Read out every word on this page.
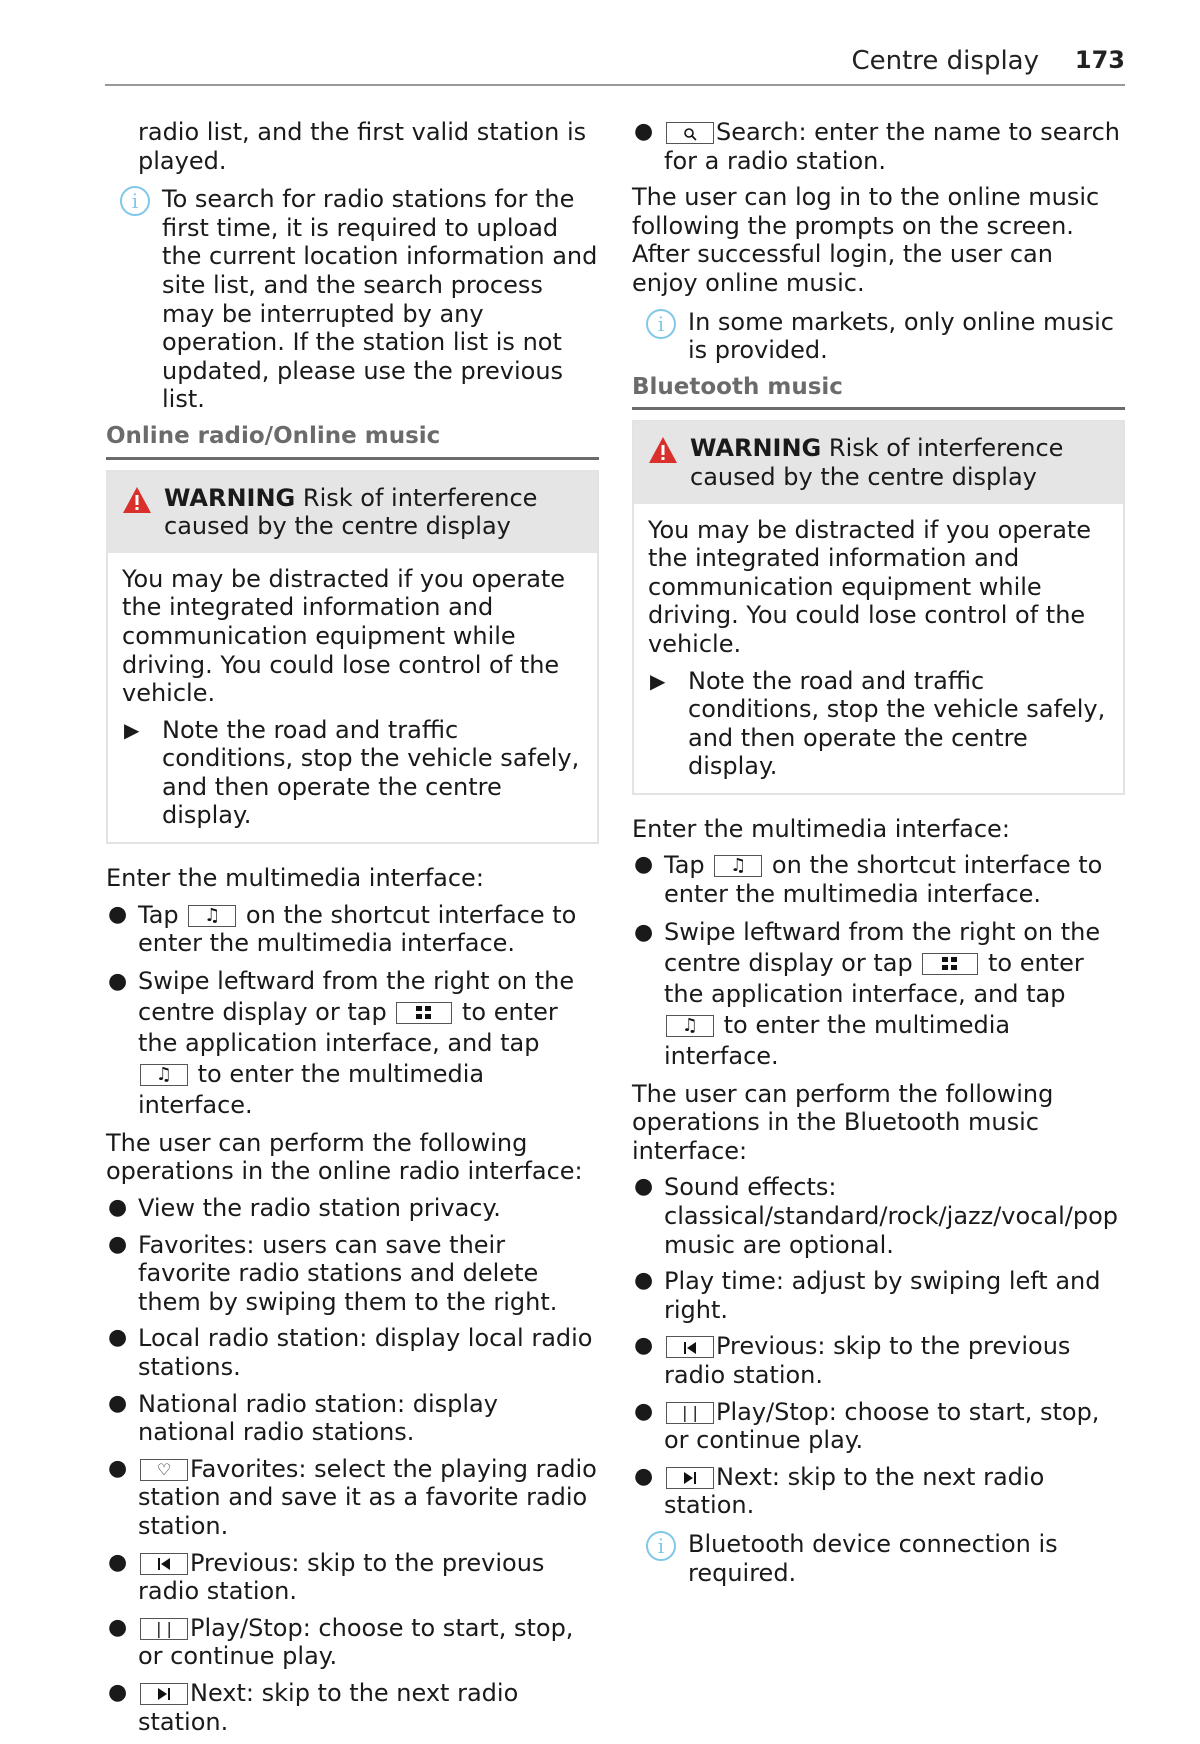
Centre display 173

radio list, and the first valid station is
played.

i To search for radio stations for the first time, it is required to upload the current location information and site list, and the search process may be interrupted by any operation. If the station list is not updated, please use the previous list.

Online radio/Online music
WARNING Risk of interference caused by the centre display

You may be distracted if you operate the integrated information and communication equipment while driving. You could lose control of the vehicle.

▶ Note the road and traffic conditions, stop the vehicle safely, and then operate the centre display.

Enter the multimedia interface:

● Tap ♫ on the shortcut interface to enter the multimedia interface.
● Swipe leftward from the right on the centre display or tap	to enter the application interface, and tap ♫ to enter the multimedia interface.

The user can perform the following operations in the online radio interface:

● View the radio station privacy.
● Favorites: users can save their favorite radio stations and delete them by swiping them to the right.
● Local radio station: display local radio stations.
● National radio station: display national radio stations.
● ♡ Favorites: select the playing radio station and save it as a favorite radio station.
●	Previous: skip to the previous radio station.
● | | Play/Stop: choose to start, stop, or continue play.
●	Next: skip to the next radio station.
●	Search: enter the name to search for a radio station.

The user can log in to the online music following the prompts on the screen. After successful login, the user can enjoy online music.

i In some markets, only online music is provided.

Bluetooth music
WARNING Risk of interference caused by the centre display

You may be distracted if you operate the integrated information and communication equipment while driving. You could lose control of the vehicle.

▶ Note the road and traffic conditions, stop the vehicle safely, and then operate the centre display.

Enter the multimedia interface:

● Tap ♫ on the shortcut interface to enter the multimedia interface.
● Swipe leftward from the right on the centre display or tap	to enter the application interface, and tap ♫ to enter the multimedia interface.

The user can perform the following operations in the Bluetooth music interface:

● Sound effects: classical/standard/rock/jazz/vocal/pop music are optional.
● Play time: adjust by swiping left and right.
●	Previous: skip to the previous radio station.
● | | Play/Stop: choose to start, stop, or continue play.
●	Next: skip to the next radio station.
i Bluetooth device connection is required.
